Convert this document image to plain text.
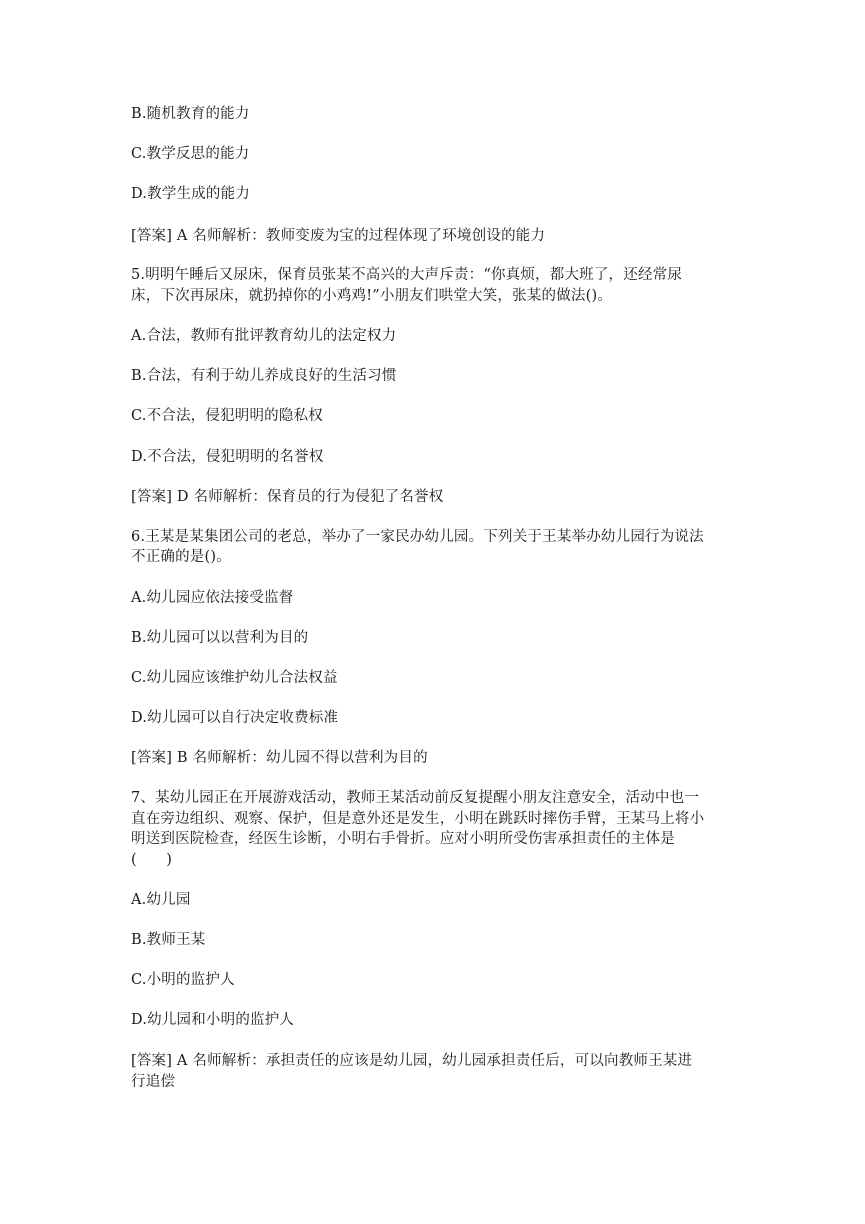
B.随机教育的能力
C.教学反思的能力
D.教学生成的能力
[答案] A 名师解析：教师变废为宝的过程体现了环境创设的能力
5.明明午睡后又尿床，保育员张某不高兴的大声斥责：“你真烦，都大班了，还经常尿
床，下次再尿床，就扔掉你的小鸡鸡!”小朋友们哄堂大笑，张某的做法()。
A.合法，教师有批评教育幼儿的法定权力
B.合法，有利于幼儿养成良好的生活习惯
C.不合法，侵犯明明的隐私权
D.不合法，侵犯明明的名誉权
[答案] D 名师解析：保育员的行为侵犯了名誉权
6.王某是某集团公司的老总，举办了一家民办幼儿园。下列关于王某举办幼儿园行为说法
不正确的是()。
A.幼儿园应依法接受监督
B.幼儿园可以以营利为目的
C.幼儿园应该维护幼儿合法权益
D.幼儿园可以自行决定收费标准
[答案] B 名师解析：幼儿园不得以营利为目的
7、某幼儿园正在开展游戏活动，教师王某活动前反复提醒小朋友注意安全，活动中也一
直在旁边组织、观察、保护，但是意外还是发生，小明在跳跃时摔伤手臂，王某马上将小
明送到医院检查，经医生诊断，小明右手骨折。应对小明所受伤害承担责任的主体是
(　　)
A.幼儿园
B.教师王某
C.小明的监护人
D.幼儿园和小明的监护人
[答案] A 名师解析：承担责任的应该是幼儿园，幼儿园承担责任后，可以向教师王某进
行追偿
